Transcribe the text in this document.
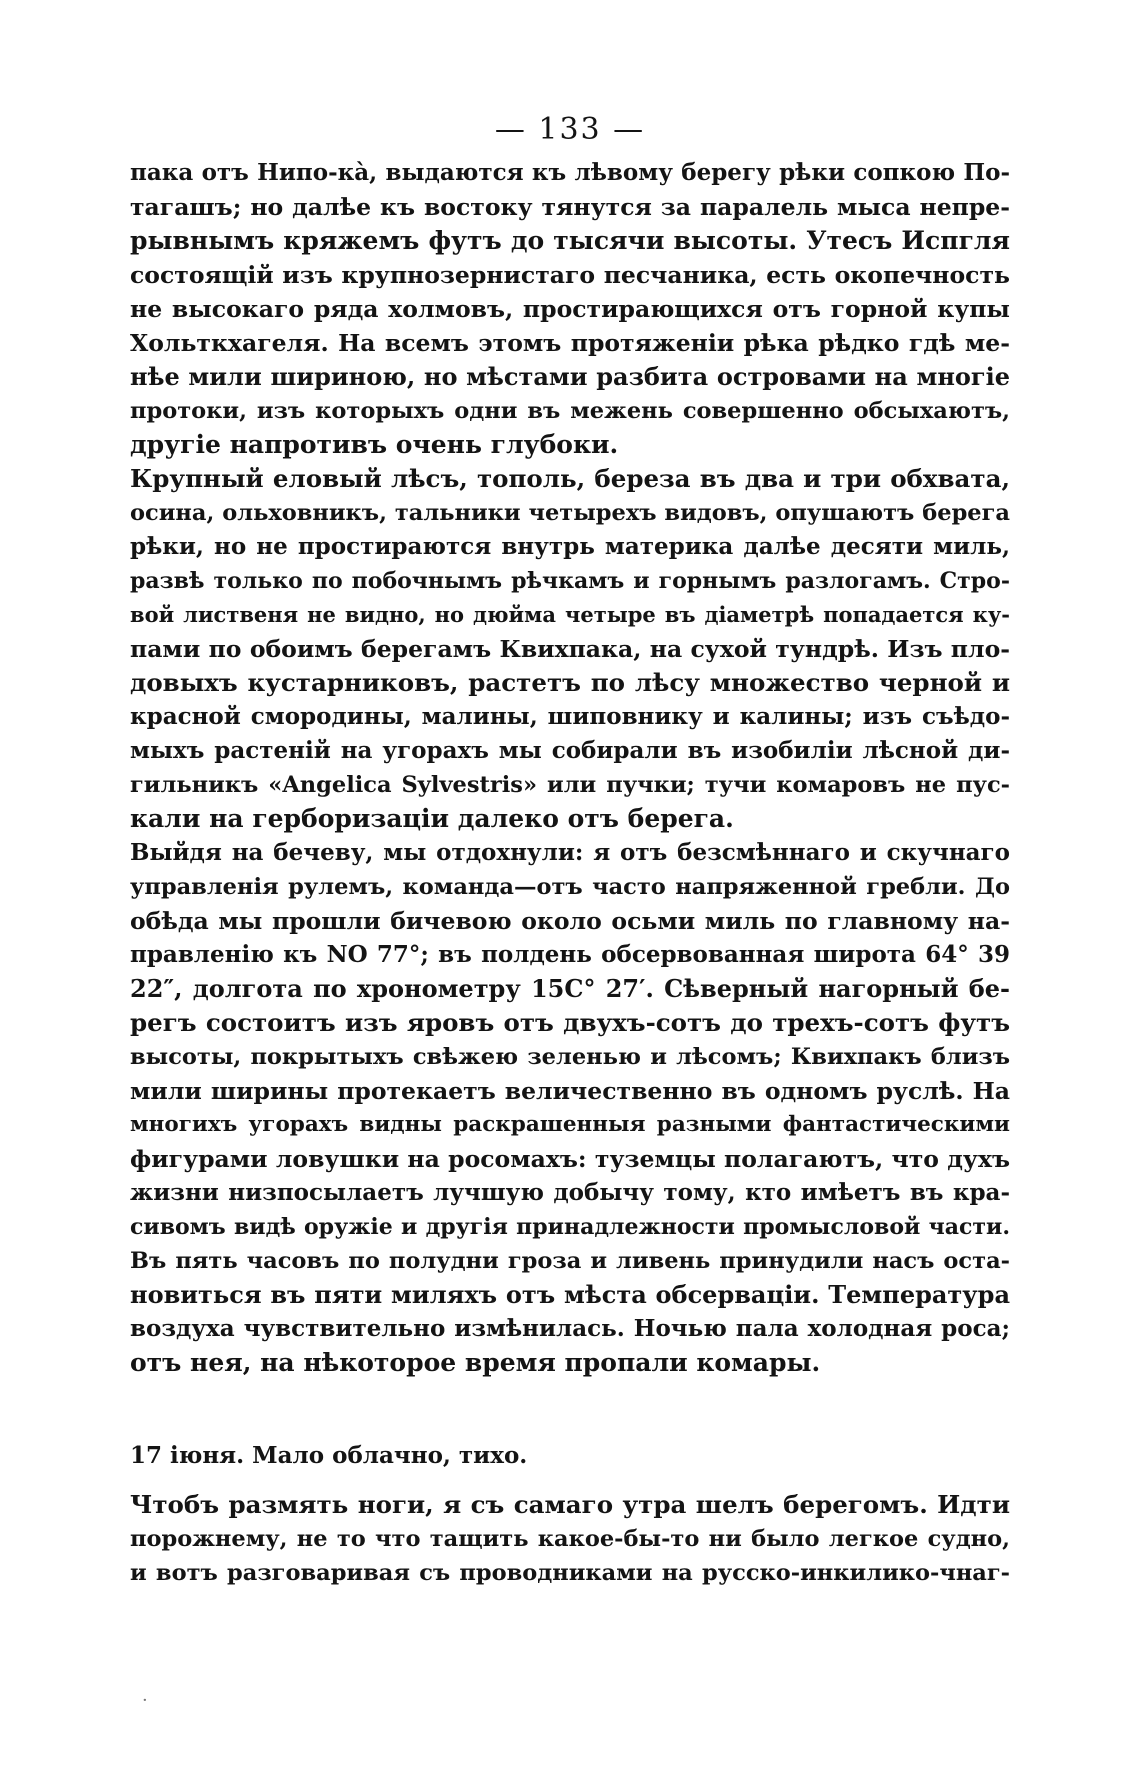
— 133 —
пака отъ Нипо-ка̀, выдаются къ лѣвому берегу рѣки сопкою По-
тагашъ; но далѣе къ востоку тянутся за паралель мыса непре-
рывнымъ кряжемъ футъ до тысячи высоты. Утесъ Испгля
состоящій изъ крупнозернистаго песчаника, есть окопечность
не высокаго ряда холмовъ, простирающихся отъ горной купы
Хольткхагеля. На всемъ этомъ протяженіи рѣка рѣдко гдѣ ме-
нѣе мили шириною, но мѣстами разбита островами на многіе
протоки, изъ которыхъ одни въ межень совершенно обсыхаютъ,
другіе напротивъ очень глубоки.
Крупный еловый лѣсъ, тополь, береза въ два и три обхвата,
осина, ольховникъ, тальники четырехъ видовъ, опушаютъ берега
рѣки, но не простираются внутрь материка далѣе десяти миль,
развѣ только по побочнымъ рѣчкамъ и горнымъ разлогамъ. Стро-
вой лиственя не видно, но дюйма четыре въ діаметрѣ попадается ку-
пами по обоимъ берегамъ Квихпака, на сухой тундрѣ. Изъ пло-
довыхъ кустарниковъ, растетъ по лѣсу множество черной и
красной смородины, малины, шиповнику и калины; изъ съѣдо-
мыхъ растеній на угорахъ мы собирали въ изобиліи лѣсной ди-
гильникъ «Angelica Sylvestris» или пучки; тучи комаровъ не пус-
кали на герборизаціи далеко отъ берега.
Выйдя на бечеву, мы отдохнули: я отъ безсмѣннаго и скучнаго
управленія рулемъ, команда—отъ часто напряженной гребли. До
обѣда мы прошли бичевою около осьми миль по главному на-
правленію къ NO 77°; въ полдень обсервованная широта 64° 39
22″, долгота по хронометру 15С° 27′. Сѣверный нагорный бе-
регъ состоитъ изъ яровъ отъ двухъ-сотъ до трехъ-сотъ футъ
высоты, покрытыхъ свѣжею зеленью и лѣсомъ; Квихпакъ близъ
мили ширины протекаетъ величественно въ одномъ руслѣ. На
многихъ угорахъ видны раскрашенныя разными фантастическими
фигурами ловушки на росомахъ: туземцы полагаютъ, что духъ
жизни низпосылаетъ лучшую добычу тому, кто имѣетъ въ кра-
сивомъ видѣ оружіе и другія принадлежности промысловой части.
Въ пять часовъ по полудни гроза и ливень принудили насъ оста-
новиться въ пяти миляхъ отъ мѣста обсерваціи. Температура
воздуха чувствительно измѣнилась. Ночью пала холодная роса;
отъ нея, на нѣкоторое время пропали комары.
17 іюня. Мало облачно, тихо.
Чтобъ размять ноги, я съ самаго утра шелъ берегомъ. Идти
порожнему, не то что тащить какое-бы-то ни было легкое судно,
и вотъ разговаривая съ проводниками на русско-инкилико-чнаг-
·
